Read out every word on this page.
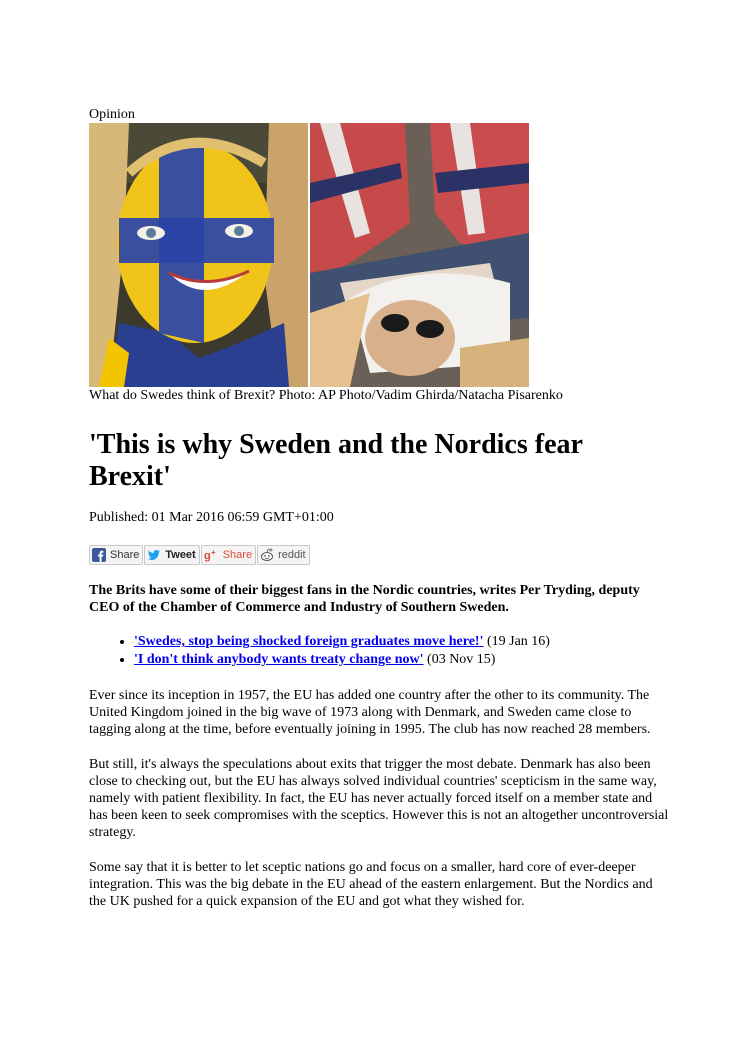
Opinion
What do Swedes think of Brexit? Photo: AP Photo/Vadim Ghirda/Natacha Pisarenko
'This is why Sweden and the Nordics fear Brexit'
Published: 01 Mar 2016 06:59 GMT+01:00
Share Tweet g + Share reddit
The Brits have some of their biggest fans in the Nordic countries, writes Per Tryding, deputy CEO of the Chamber of Commerce and Industry of Southern Sweden.
• 'Swedes, stop being shocked foreign graduates move here!' (19 Jan 16)
• 'I don't think anybody wants treaty change now' (03 Nov 15)

Ever since its inception in 1957, the EU has added one country after the other to its community. The United Kingdom joined in the big wave of 1973 along with Denmark, and Sweden came close to tagging along at the time, before eventually joining in 1995. The club has now reached 28 members.

But still, it's always the speculations about exits that trigger the most debate. Denmark has also been close to checking out, but the EU has always solved individual countries' scepticism in the same way, namely with patient flexibility. In fact, the EU has never actually forced itself on a member state and has been keen to seek compromises with the sceptics. However this is not an altogether uncontroversial strategy.

Some say that it is better to let sceptic nations go and focus on a smaller, hard core of ever-deeper integration. This was the big debate in the EU ahead of the eastern enlargement. But the Nordics and the UK pushed for a quick expansion of the EU and got what they wished for.
